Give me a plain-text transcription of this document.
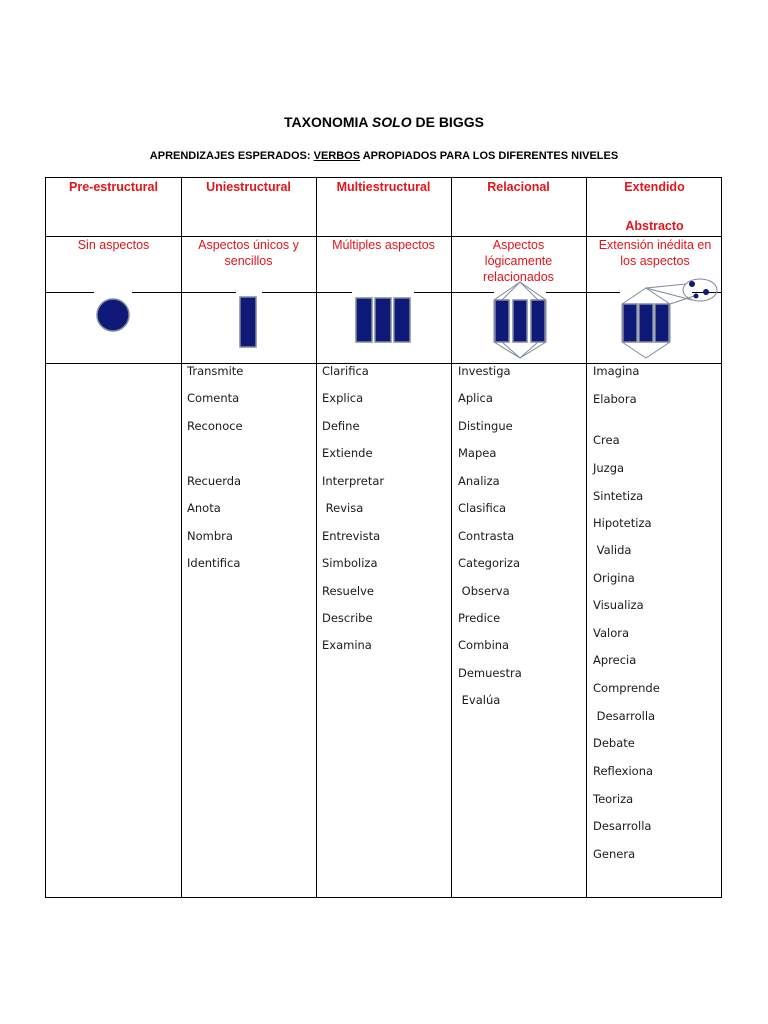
TAXONOMIA SOLO DE BIGGS
APRENDIZAJES ESPERADOS: VERBOS APROPIADOS PARA LOS DIFERENTES NIVELES
Pre-estructural
Sin aspectos
Uniestructural
Aspectos únicos y sencillos
Transmite
Comenta
Reconoce
Recuerda
Anota
Nombra
Identifica
Multiestructural
Múltiples aspectos
Clarifica
Explica
Define
Extiende
Interpretar
Revisa
Entrevista
Simboliza
Resuelve
Describe
Examina
Relacional
Aspectos lógicamente relacionados
Investiga
Aplica
Distingue
Mapea
Analiza
Clasifica
Contrasta
Categoriza
Observa
Predice
Combina
Demuestra
Evalúa
Extendido
Abstracto
Extensión inédita en los aspectos
Imagina
Elabora
Crea
Juzga
Sintetiza
Hipotetiza
Valida
Origina
Visualiza
Valora
Aprecia
Comprende
Desarrolla
Debate
Reflexiona
Teoriza
Desarrolla
Genera
